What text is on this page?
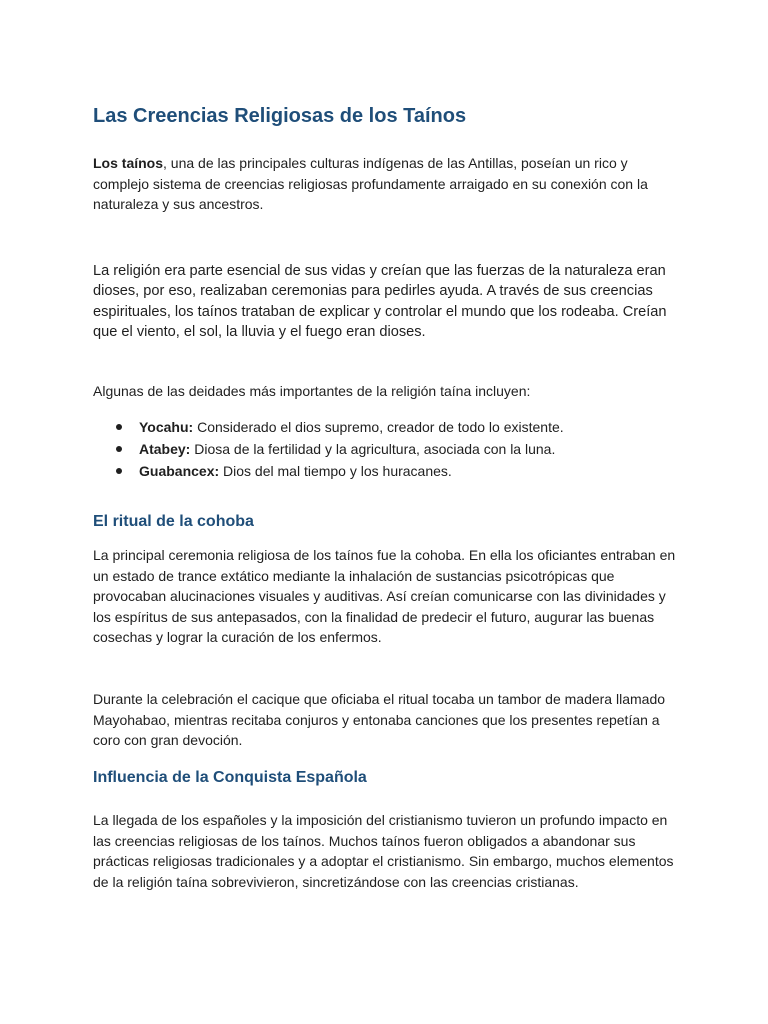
Las Creencias Religiosas de los Taínos

Los taínos, una de las principales culturas indígenas de las Antillas, poseían un rico y complejo sistema de creencias religiosas profundamente arraigado en su conexión con la naturaleza y sus ancestros.

La religión era parte esencial de sus vidas y creían que las fuerzas de la naturaleza eran dioses, por eso, realizaban ceremonias para pedirles ayuda. A través de sus creencias espirituales, los taínos trataban de explicar y controlar el mundo que los rodeaba. Creían que el viento, el sol, la lluvia y el fuego eran dioses.

Algunas de las deidades más importantes de la religión taína incluyen:

Yocahu: Considerado el dios supremo, creador de todo lo existente.
Atabey: Diosa de la fertilidad y la agricultura, asociada con la luna.
Guabancex: Dios del mal tiempo y los huracanes.
El ritual de la cohoba

La principal ceremonia religiosa de los taínos fue la cohoba. En ella los oficiantes entraban en un estado de trance extático mediante la inhalación de sustancias psicotrópicas que provocaban alucinaciones visuales y auditivas. Así creían comunicarse con las divinidades y los espíritus de sus antepasados, con la finalidad de predecir el futuro, augurar las buenas cosechas y lograr la curación de los enfermos.

Durante la celebración el cacique que oficiaba el ritual tocaba un tambor de madera llamado Mayohabao, mientras recitaba conjuros y entonaba canciones que los presentes repetían a coro con gran devoción.

Influencia de la Conquista Española

La llegada de los españoles y la imposición del cristianismo tuvieron un profundo impacto en las creencias religiosas de los taínos. Muchos taínos fueron obligados a abandonar sus prácticas religiosas tradicionales y a adoptar el cristianismo. Sin embargo, muchos elementos de la religión taína sobrevivieron, sincretizándose con las creencias cristianas.
